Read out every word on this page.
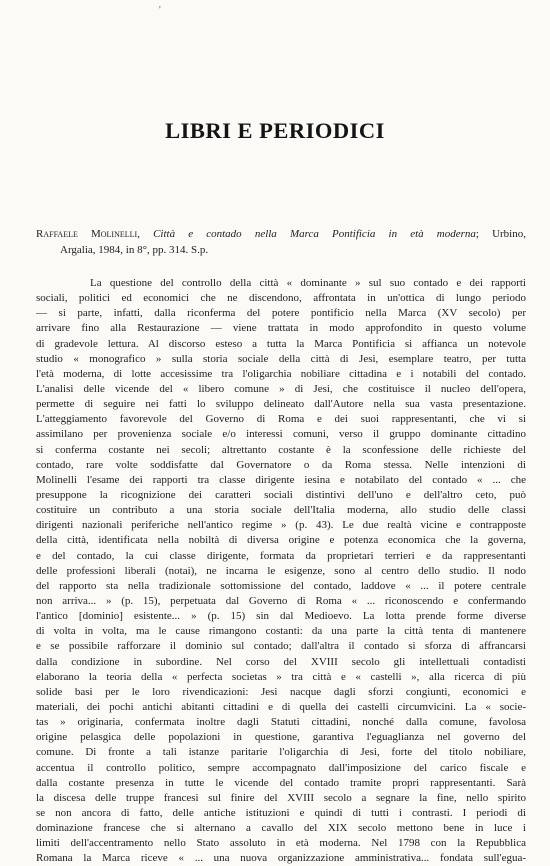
'
LIBRI E PERIODICI
Raffaele Molinelli, Città e contado nella Marca Pontificia in età moderna; Urbino,
Argalia, 1984, in 8°, pp. 314. S.p.
La questione del controllo della città « dominante » sul suo contado e dei rapporti
sociali, politici ed economici che ne discendono, affrontata in un'ottica di lungo periodo
— si parte, infatti, dalla riconferma del potere pontificio nella Marca (XV secolo) per
arrivare fino alla Restaurazione — viene trattata in modo approfondito in questo volume
di gradevole lettura. Al discorso esteso a tutta la Marca Pontificia si affianca un notevole
studio « monografico » sulla storia sociale della città di Jesi, esemplare teatro, per tutta
l'età moderna, di lotte accesissime tra l'oligarchia nobiliare cittadina e i notabili del contado.
L'analisi delle vicende del « libero comune » di Jesi, che costituisce il nucleo dell'opera,
permette di seguire nei fatti lo sviluppo delineato dall'Autore nella sua vasta presentazione.
L'atteggiamento favorevole del Governo di Roma e dei suoi rappresentanti, che vi si
assimilano per provenienza sociale e/o interessi comuni, verso il gruppo dominante cittadino
si conferma costante nei secoli; altrettanto costante è la sconfessione delle richieste del
contado, rare volte soddisfatte dal Governatore o da Roma stessa. Nelle intenzioni di
Molinelli l'esame dei rapporti tra classe dirigente iesina e notabilato del contado « ... che
presuppone la ricognizione dei caratteri sociali distintivi dell'uno e dell'altro ceto, può
costituire un contributo a una storia sociale dell'Italia moderna, allo studio delle classi
dirigenti nazionali periferiche nell'antico regime » (p. 43). Le due realtà vicine e contrapposte
della città, identificata nella nobiltà di diversa origine e potenza economica che la governa,
e del contado, la cui classe dirigente, formata da proprietari terrieri e da rappresentanti
delle professioni liberali (notai), ne incarna le esigenze, sono al centro dello studio. Il nodo
del rapporto sta nella tradizionale sottomissione del contado, laddove « ... il potere centrale
non arriva... » (p. 15), perpetuata dal Governo di Roma « ... riconoscendo e confermando
l'antico [dominio] esistente... » (p. 15) sin dal Medioevo. La lotta prende forme diverse
di volta in volta, ma le cause rimangono costanti: da una parte la città tenta di mantenere
e se possibile rafforzare il dominio sul contado; dall'altra il contado si sforza di affrancarsi
dalla condizione in subordine. Nel corso del XVIII secolo gli intellettuali contadisti
elaborano la teoria della « perfecta societas » tra città e « castelli », alla ricerca di più
solide basi per le loro rivendicazioni: Jesi nacque dagli sforzi congiunti, economici e
materiali, dei pochi antichi abitanti cittadini e di quella dei castelli circumvicini. La « socie-
tas » originaria, confermata inoltre dagli Statuti cittadini, nonché dalla comune, favolosa
origine pelasgica delle popolazioni in questione, garantiva l'eguaglianza nel governo del
comune. Di fronte a tali istanze paritarie l'oligarchia di Jesi, forte del titolo nobiliare,
accentua il controllo politico, sempre accompagnato dall'imposizione del carico fiscale e
dalla costante presenza in tutte le vicende del contado tramite propri rappresentanti. Sarà
la discesa delle truppe francesi sul finire del XVIII secolo a segnare la fine, nello spirito
se non ancora di fatto, delle antiche istituzioni e quindi di tutti i contrasti. I periodi di
dominazione francese che si alternano a cavallo del XIX secolo mettono bene in luce i
limiti dell'accentramento nello Stato assoluto in età moderna. Nel 1798 con la Repubblica
Romana la Marca riceve « ... una nuova organizzazione amministrativa... fondata sull'egua-
